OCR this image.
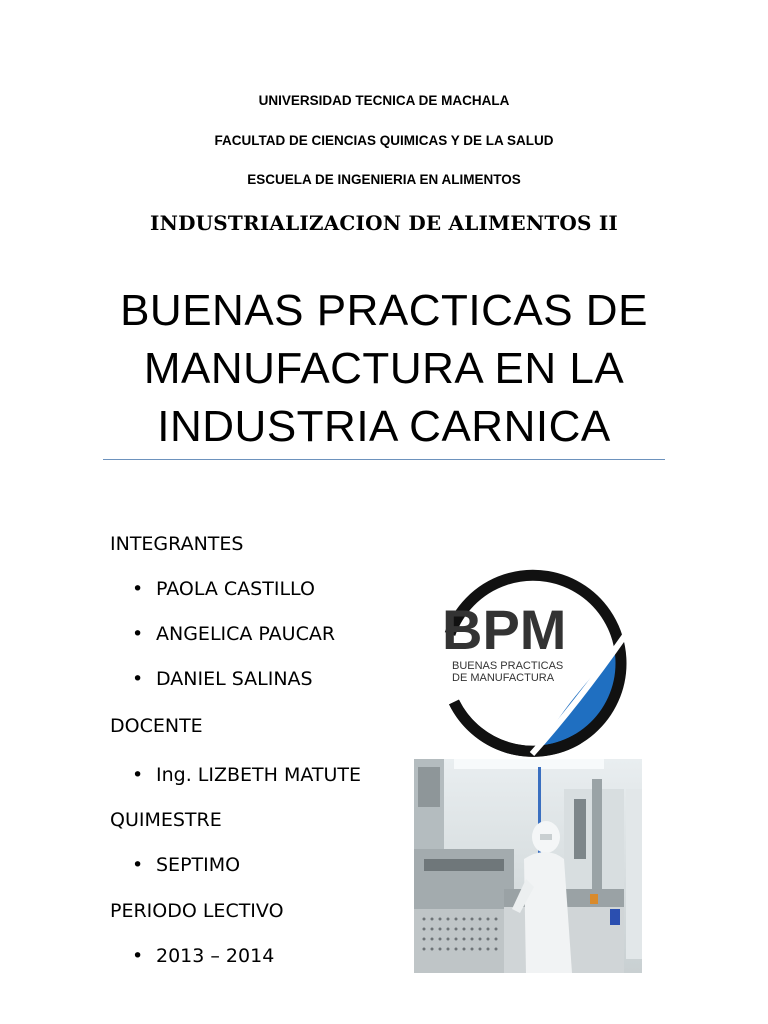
UNIVERSIDAD TECNICA DE MACHALA
FACULTAD DE CIENCIAS QUIMICAS Y DE LA SALUD
ESCUELA DE INGENIERIA EN ALIMENTOS
INDUSTRIALIZACION DE ALIMENTOS II
BUENAS PRACTICAS DE
MANUFACTURA EN LA
INDUSTRIA CARNICA
INTEGRANTES
• PAOLA CASTILLO
• ANGELICA PAUCAR
• DANIEL SALINAS
DOCENTE
• Ing. LIZBETH MATUTE
QUIMESTRE
• SEPTIMO
PERIODO LECTIVO
• 2013 – 2014
BPM
BUENAS PRACTICAS
DE MANUFACTURA
